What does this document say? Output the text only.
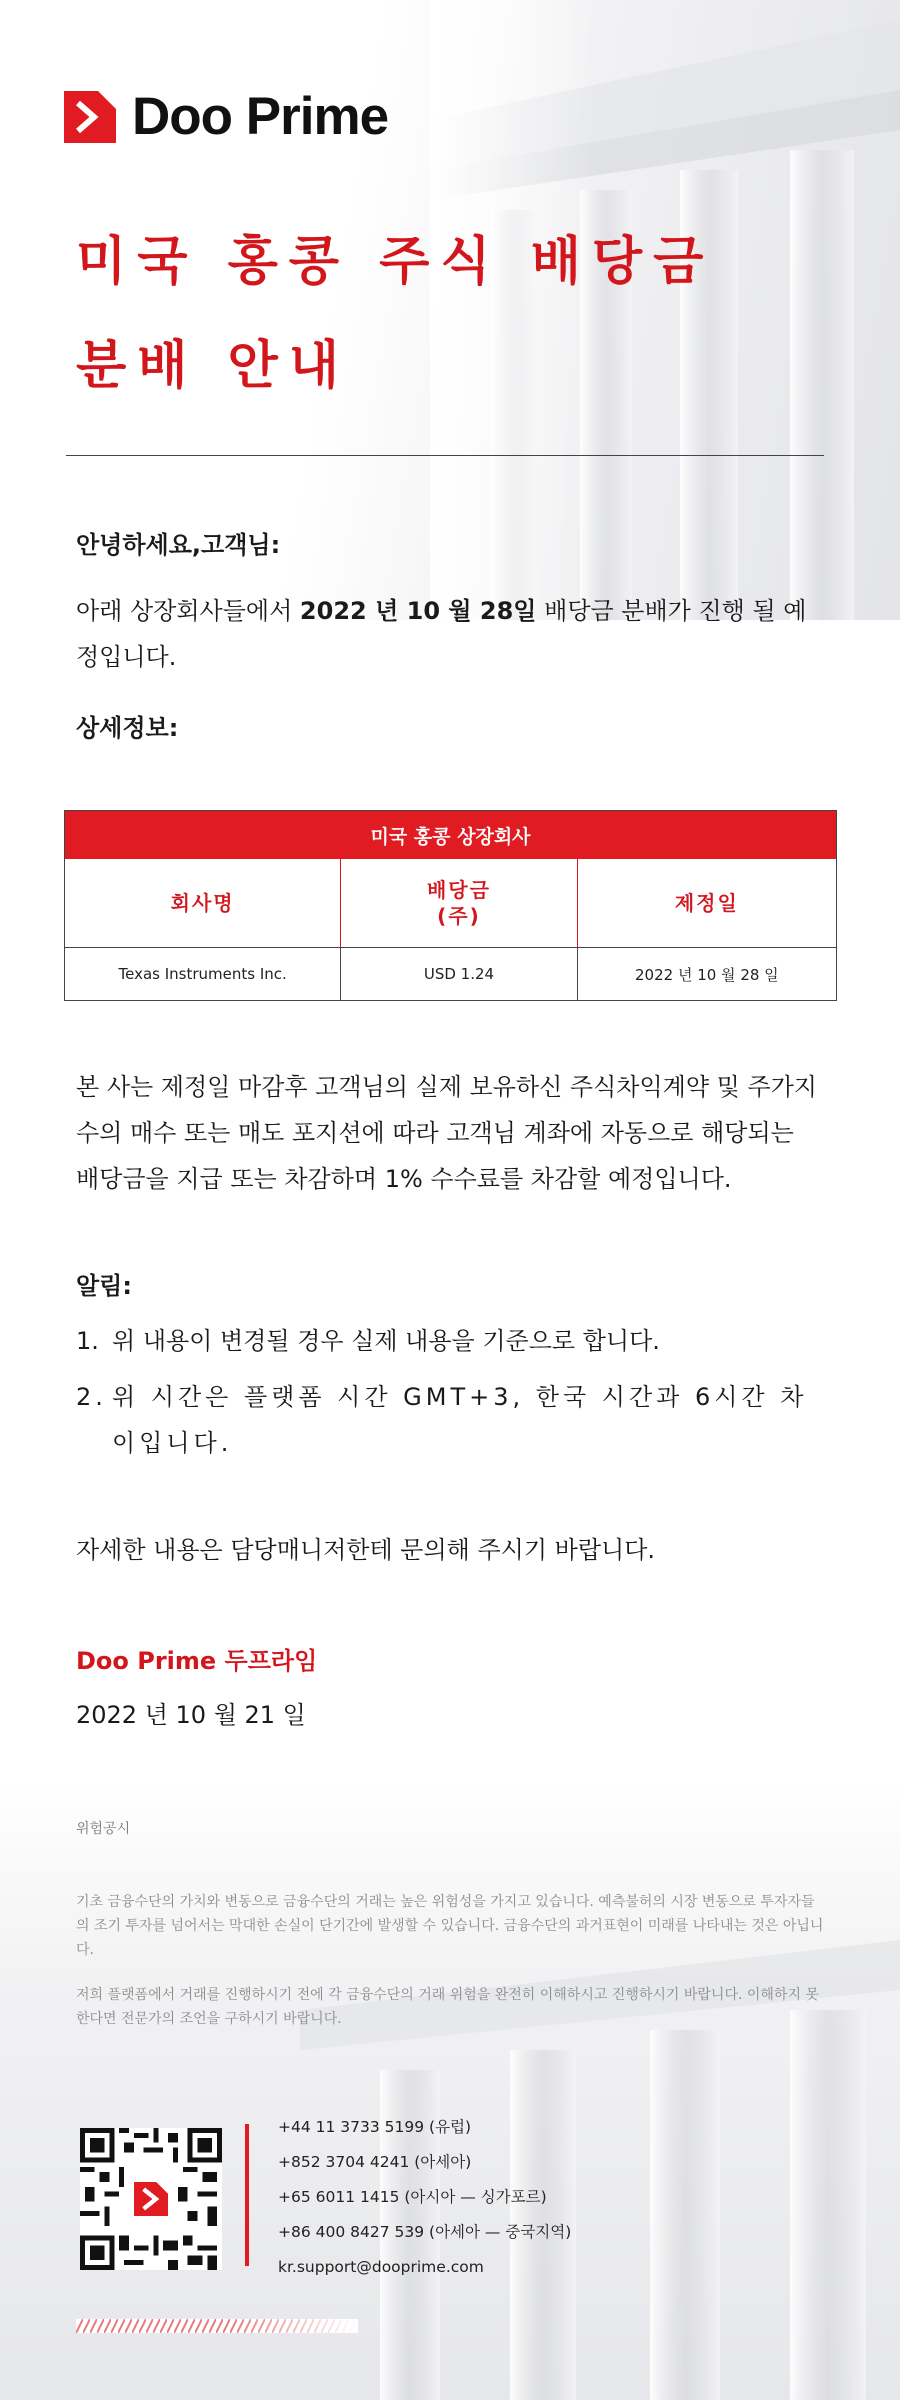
Doo Prime
미국 홍콩 주식 배당금
분배 안내
안녕하세요,고객님:
아래 상장회사들에서 2022 년 10 월 28일 배당금 분배가 진행 될 예정입니다.
상세정보:
미국 홍콩 상장회사
회사명
배당금
(주)
제정일
Texas Instruments Inc.	USD 1.24	2022 년 10 월 28 일
본 사는 제정일 마감후 고객님의 실제 보유하신 주식차익계약 및 주가지수의 매수 또는 매도 포지션에 따라 고객님 계좌에 자동으로 해당되는 배당금을 지급 또는 차감하며 1% 수수료를 차감할 예정입니다.
알림:
1. 위 내용이 변경될 경우 실제 내용을 기준으로 합니다.
2. 위 시간은 플랫폼 시간 GMT+3, 한국 시간과 6시간 차이입니다.
자세한 내용은 담당매니저한테 문의해 주시기 바랍니다.
Doo Prime 두프라임
2022 년 10 월 21 일
위험공시
기초 금융수단의 가치와 변동으로 금융수단의 거래는 높은 위험성을 가지고 있습니다. 예측불허의 시장 변동으로 투자자들의 조기 투자를 넘어서는 막대한 손실이 단기간에 발생할 수 있습니다. 금융수단의 과거표현이 미래를 나타내는 것은 아닙니다.
저희 플랫폼에서 거래를 진행하시기 전에 각 금융수단의 거래 위험을 완전히 이해하시고 진행하시기 바랍니다. 이해하지 못한다면 전문가의 조언을 구하시기 바랍니다.
+44 11 3733 5199 (유럽)
+852 3704 4241 (아세아)
+65 6011 1415 (아시아 — 싱가포르)
+86 400 8427 539 (아세아 — 중국지역)
kr.support@dooprime.com
